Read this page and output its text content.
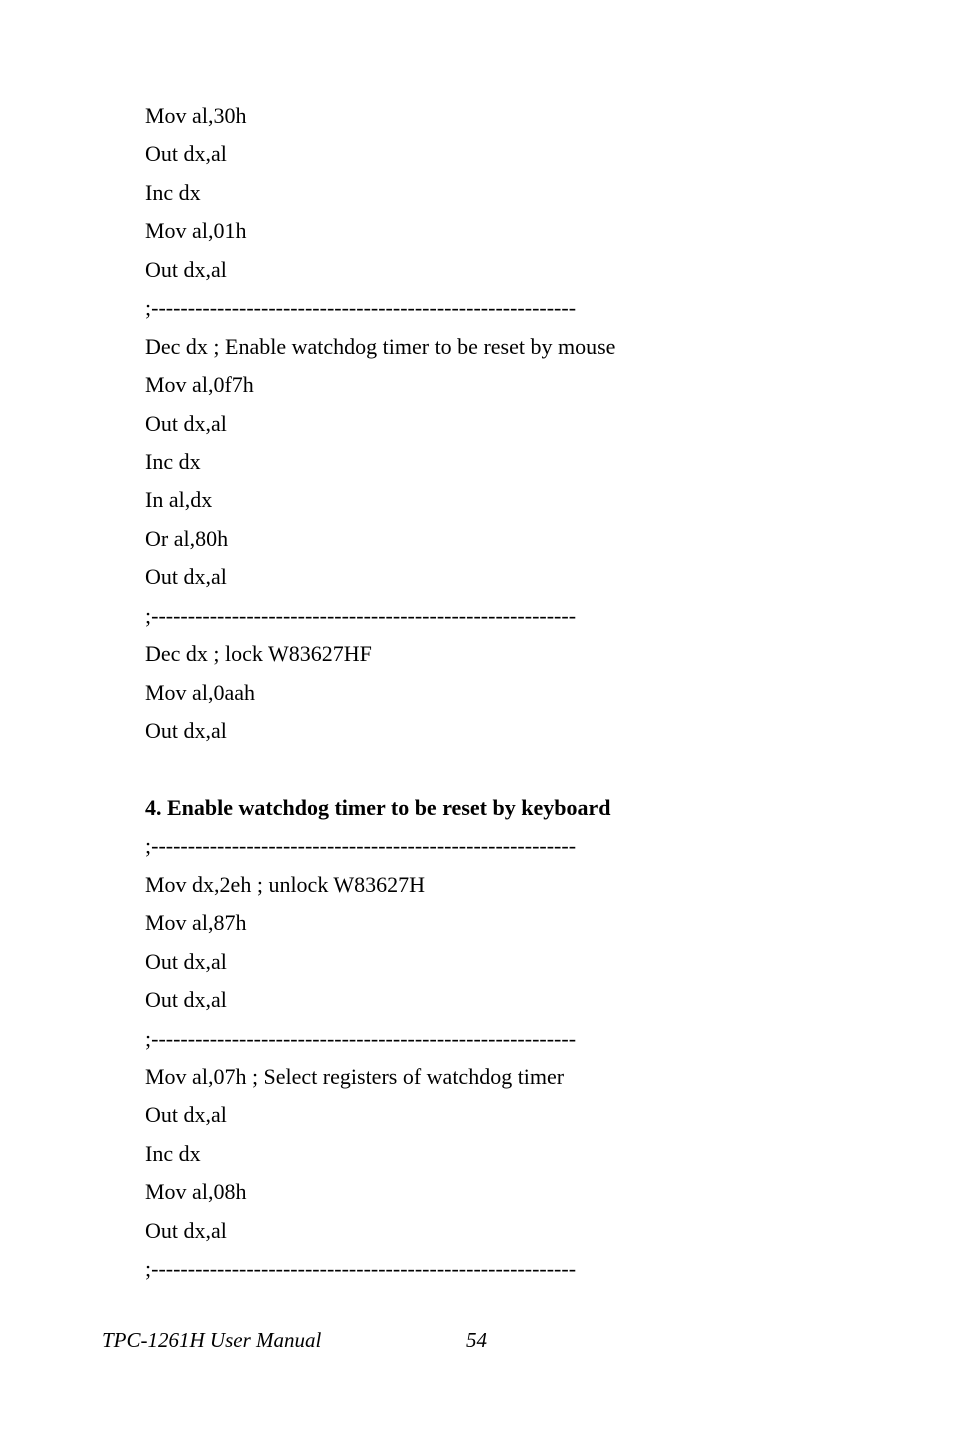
Mov al,30h
Out dx,al
Inc dx
Mov al,01h
Out dx,al
;----------------------------------------------------------
Dec dx ; Enable watchdog timer to be reset by mouse
Mov al,0f7h
Out dx,al
Inc dx
In al,dx
Or al,80h
Out dx,al
;----------------------------------------------------------
Dec dx ; lock W83627HF
Mov al,0aah
Out dx,al
4. Enable watchdog timer to be reset by keyboard
;----------------------------------------------------------
Mov dx,2eh ; unlock W83627H
Mov al,87h
Out dx,al
Out dx,al
;----------------------------------------------------------
Mov al,07h ; Select registers of watchdog timer
Out dx,al
Inc dx
Mov al,08h
Out dx,al
;----------------------------------------------------------
TPC-1261H User Manual	54
